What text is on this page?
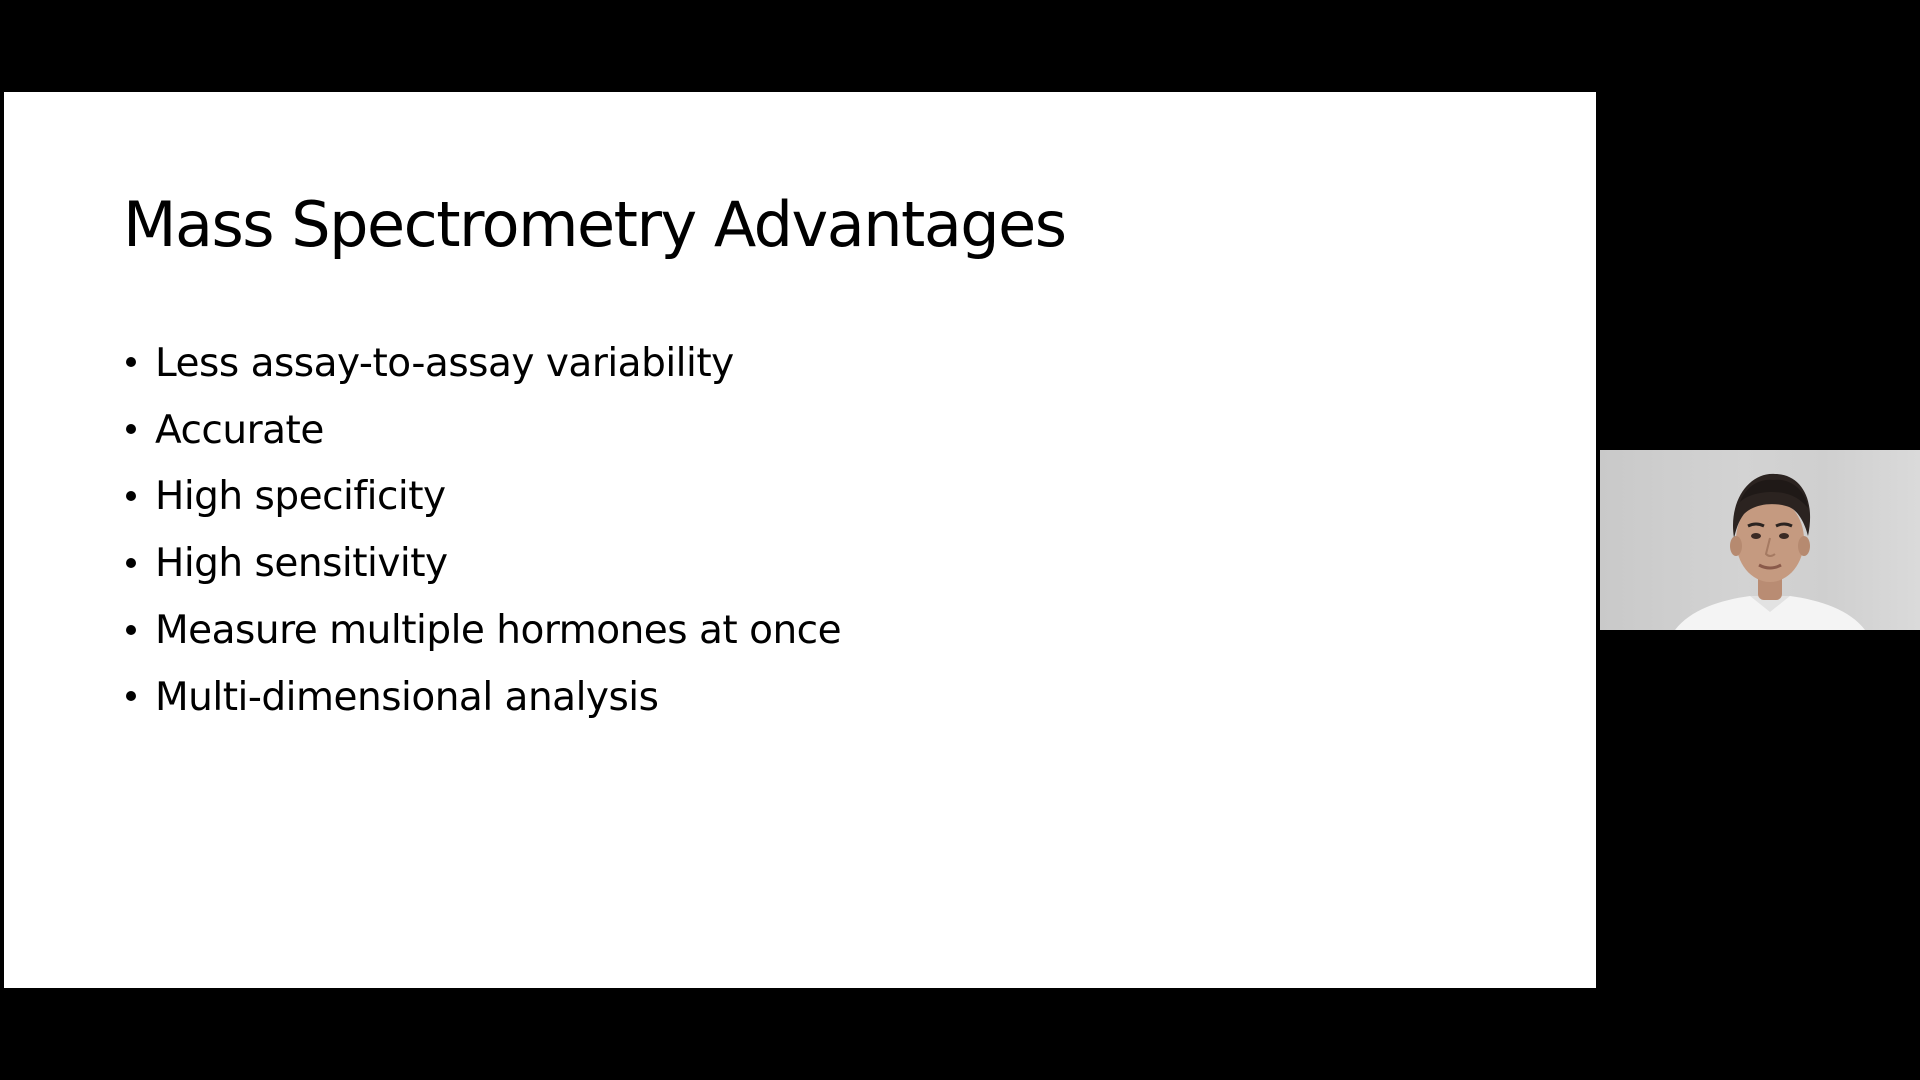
Mass Spectrometry Advantages
Less assay-to-assay variability
Accurate
High specificity
High sensitivity
Measure multiple hormones at once
Multi-dimensional analysis
